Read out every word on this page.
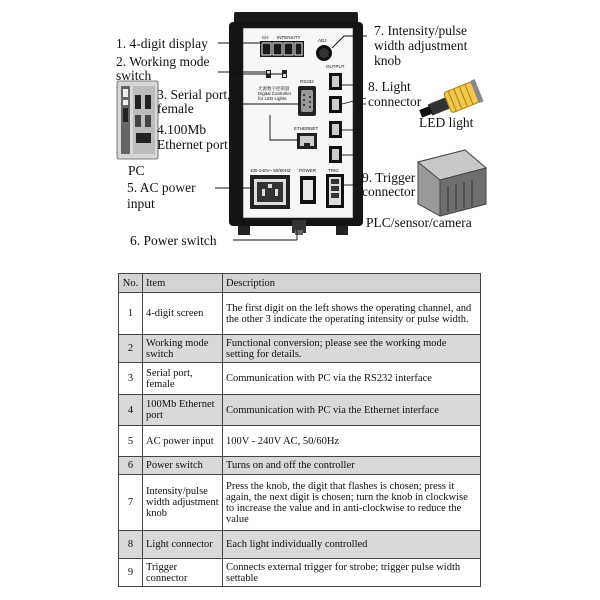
CH INTENSITY
ADJ
光源数字控制器
Digital Controller
for LED Lights
RS232
ETHERNET
OUTPUT
100-240V~ 50/60HZ POWER	TRIG
1. 4-digit display
2. Working mode
switch
3. Serial port,
female
4.100Mb
Ethernet port
PC
5. AC power
input
6. Power switch
7. Intensity/pulse
width adjustment
knob
8. Light
connector
LED light
9. Trigger
connector
PLC/sensor/camera
No.	Item	Description
1	4-digit screen	The first digit on the left shows the operating channel, and the other 3 indicate the operating intensity or pulse width.
2	Working mode switch	Functional conversion; please see the working mode setting for details.
3	Serial port, female	Communication with PC via the RS232 interface
4	100Mb Ethernet port	Communication with PC via the Ethernet interface
5	AC power input	100V - 240V AC, 50/60Hz
6	Power switch	Turns on and off the controller
7	Intensity/pulse width adjustment knob	Press the knob, the digit that flashes is chosen; press it again, the next digit is chosen; turn the knob in clockwise to increase the value and in anti-clockwise to reduce the value
8	Light connector	Each light individually controlled
9	Trigger connector	Connects external trigger for strobe; trigger pulse width settable
